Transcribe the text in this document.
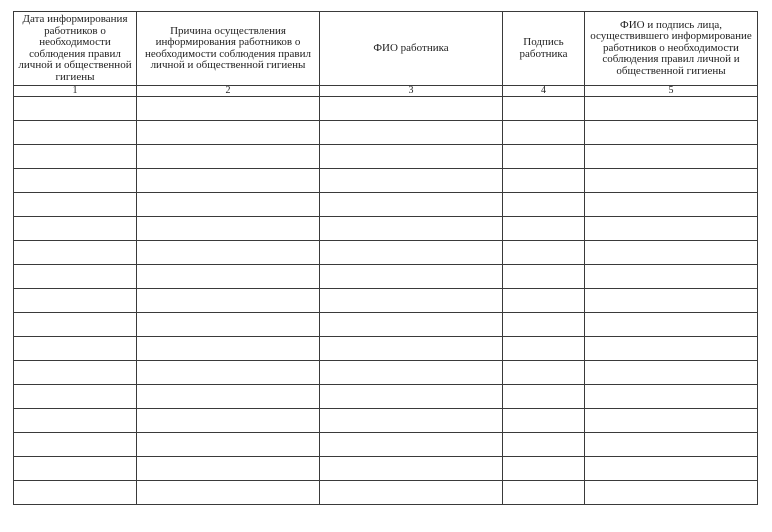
Дата информирования работников о необходимости соблюдения правил личной и общественной гигиены	Причина осуществления информирования работников о необходимости соблюдения правил личной и общественной гигиены	ФИО работника	Подпись работника	ФИО и подпись лица, осуществившего информирование работников о необходимости соблюдения правил личной и общественной гигиены
1	2	3	4	5
